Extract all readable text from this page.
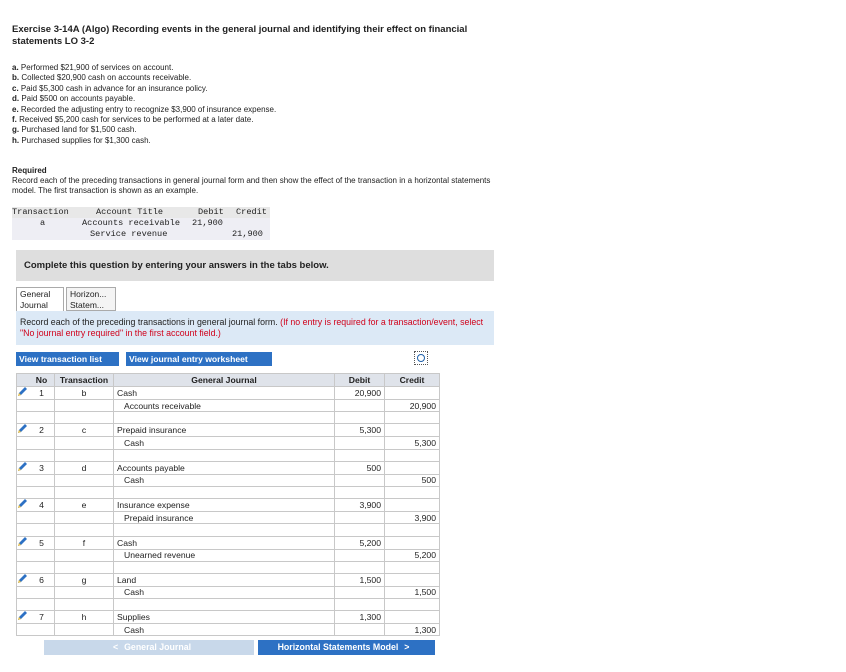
Exercise 3-14A (Algo) Recording events in the general journal and identifying their effect on financial statements LO 3-2
a. Performed $21,900 of services on account.
b. Collected $20,900 cash on accounts receivable.
c. Paid $5,300 cash in advance for an insurance policy.
d. Paid $500 on accounts payable.
e. Recorded the adjusting entry to recognize $3,900 of insurance expense.
f. Received $5,200 cash for services to be performed at a later date.
g. Purchased land for $1,500 cash.
h. Purchased supplies for $1,300 cash.
Required
Record each of the preceding transactions in general journal form and then show the effect of the transaction in a horizontal statements model. The first transaction is shown as an example.
Transaction	Account Title	Debit Credit
a	Accounts receivable 21,900
Service revenue	21,900
Complete this question by entering your answers in the tabs below.
General
Journal
Horizon...
Statem...
Record each of the preceding transactions in general journal form. (If no entry is required for a transaction/event, select "No journal entry required" in the first account field.)
View transaction list	View journal entry worksheet
	No	Transaction	General Journal	Debit	Credit
	1	b	Cash	20,900	
			Accounts receivable		20,900

	2	c	Prepaid insurance	5,300	
			Cash		5,300

	3	d	Accounts payable	500	
			Cash		500

	4	e	Insurance expense	3,900	
			Prepaid insurance		3,900

	5	f	Cash	5,200	
			Unearned revenue		5,200

	6	g	Land	1,500	
			Cash		1,500

	7	h	Supplies	1,300	
			Cash		1,300
< General Journal	Horizontal Statements Model >
